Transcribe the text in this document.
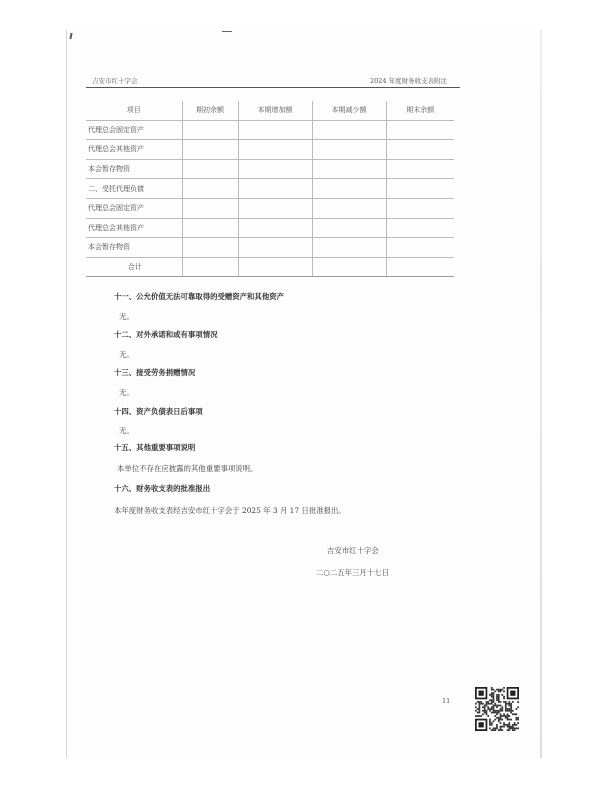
吉安市红十字会	2024 年度财务收支表附注
项目	期初余额	本期增加额	本期减少额	期末余额
代理总会固定资产				
代理总会其他资产				
本会暂存物资				
二、受托代理负债				
代理总会固定资产				
代理总会其他资产				
本会暂存物资				
合计				
十一、公允价值无法可靠取得的受赠资产和其他资产
无。
十二、对外承诺和或有事项情况
无。
十三、接受劳务捐赠情况
无。
十四、资产负债表日后事项
无。
十五、其他重要事项说明
本单位不存在应披露的其他重要事项说明。
十六、财务收支表的批准报出
本年度财务收支表经吉安市红十字会于 2025 年 3 月 17 日批准报出。
吉安市红十字会
二○二五年三月十七日
11
